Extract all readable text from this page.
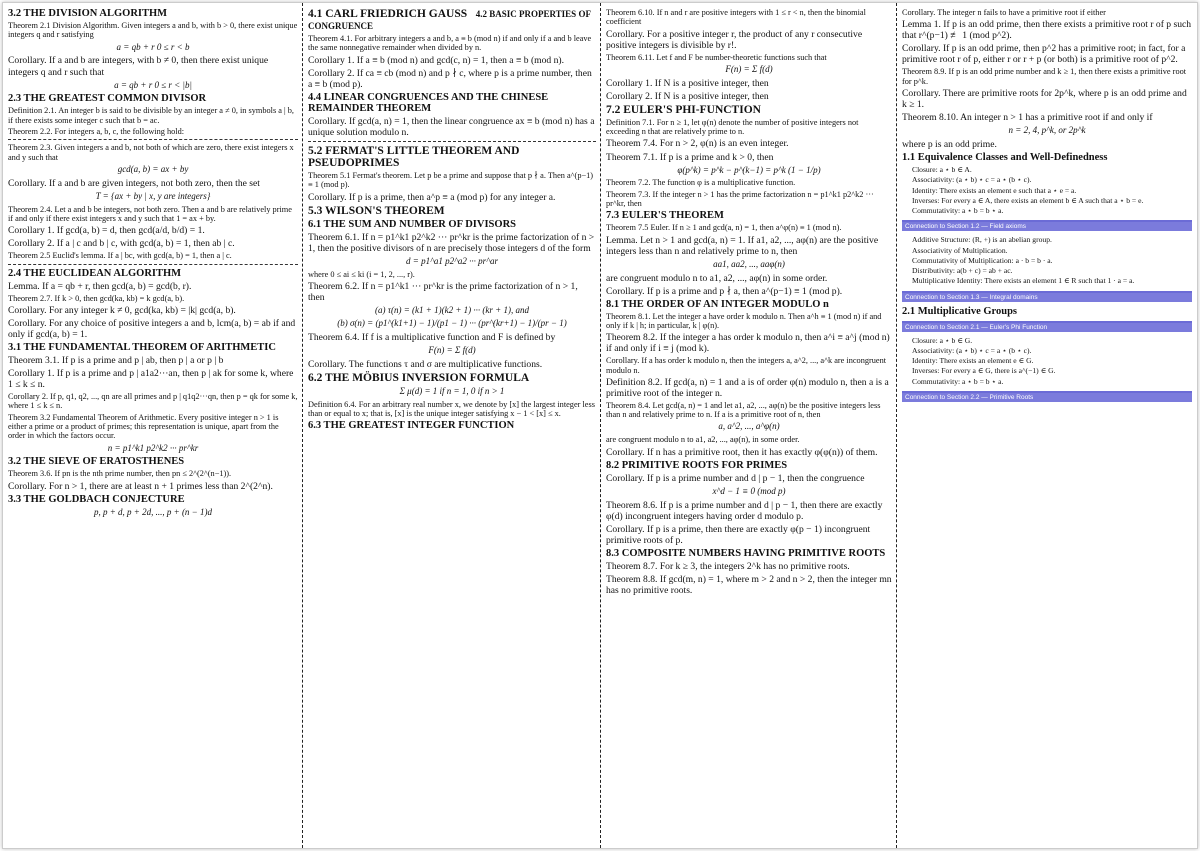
3.2 THE DIVISION ALGORITHM
Theorem 2.1 Division Algorithm. Given integers a and b, with b > 0, there exist unique integers q and r satisfying
a = qb + r 0 ≤ r < b
Corollary. If a and b are integers, with b ≠ 0, then there exist unique integers q and r such that
a = qb + r 0 ≤ r < |b|
2.3 THE GREATEST COMMON DIVISOR
Definition 2.1. An integer b is said to be divisible by an integer a ≠ 0, in symbols a | b, if there exists some integer c such that b = ac.
Theorem 2.2. For integers a, b, c, the following hold:
Theorem 2.3. Given integers a and b, not both of which are zero, there exist integers x and y such that
gcd(a, b) = ax + by
Corollary. If a and b are given integers, not both zero, then the set
T = {ax + by | x, y are integers}
Theorem 2.4. Let a and b be integers, not both zero. Then a and b are relatively prime if and only if there exist integers x and y such that 1 = ax + by.
Corollary 1. If gcd(a, b) = d, then gcd(a/d, b/d) = 1.
Corollary 2. If a | c and b | c, with gcd(a, b) = 1, then ab | c.
Theorem 2.5 Euclid's lemma. If a | bc, with gcd(a, b) = 1, then a | c.
2.4 THE EUCLIDEAN ALGORITHM
Lemma. If a = qb + r, then gcd(a, b) = gcd(b, r).
Theorem 2.7. If k > 0, then gcd(ka, kb) = k gcd(a, b).
Corollary. For any integer k ≠ 0, gcd(ka, kb) = |k| gcd(a, b).
Corollary. For any choice of positive integers a and b, lcm(a, b) = ab if and only if gcd(a, b) = 1.
3.1 THE FUNDAMENTAL THEOREM OF ARITHMETIC
Theorem 3.1. If p is a prime and p | ab, then p | a or p | b
Corollary 1. If p is a prime and p | a1a2···an, then p | ak for some k, where 1 ≤ k ≤ n.
Corollary 2. If p, q1, q2, ..., qn are all primes and p | q1q2···qn, then p = qk for some k, where 1 ≤ k ≤ n.
Theorem 3.2 Fundamental Theorem of Arithmetic. Every positive integer n > 1 is either a prime or a product of primes; this representation is unique, apart from the order in which the factors occur.
n = p1^k1 p2^k2 ··· pr^kr
3.2 THE SIEVE OF ERATOSTHENES
Theorem 3.6. If pn is the nth prime number, then pn ≤ 2^(2^(n−1)).
Corollary. For n > 1, there are at least n + 1 primes less than 2^(2^n).
3.3 THE GOLDBACH CONJECTURE
p, p + d, p + 2d, ..., p + (n − 1)d
4.1 CARL FRIEDRICH GAUSS 4.2 BASIC PROPERTIES OF CONGRUENCE
Theorem 4.1. For arbitrary integers a and b, a ≡ b (mod n) if and only if a and b leave the same nonnegative remainder when divided by n.
Corollary 1. If a ≡ b (mod n) and gcd(c, n) = 1, then a ≡ b (mod n).
Corollary 2. If ca ≡ cb (mod n) and p ∤ c, where p is a prime number, then a ≡ b (mod p).
4.4 LINEAR CONGRUENCES AND THE CHINESE REMAINDER THEOREM
Corollary. If gcd(a, n) = 1, then the linear congruence ax ≡ b (mod n) has a unique solution modulo n.
5.2 FERMAT'S LITTLE THEOREM AND PSEUDOPRIMES
Theorem 5.1 Fermat's theorem. Let p be a prime and suppose that p ∤ a. Then a^(p−1) ≡ 1 (mod p).
Corollary. If p is a prime, then a^p ≡ a (mod p) for any integer a.
5.3 WILSON'S THEOREM
6.1 THE SUM AND NUMBER OF DIVISORS
Theorem 6.1. If n = p1^k1 p2^k2 ··· pr^kr is the prime factorization of n > 1, then the positive divisors of n are precisely those integers d of the form
d = p1^a1 p2^a2 ··· pr^ar
where 0 ≤ ai ≤ ki (i = 1, 2, ..., r).
Theorem 6.2. If n = p1^k1 ··· pr^kr is the prime factorization of n > 1, then
(a) τ(n) = (k1 + 1)(k2 + 1) ··· (kr + 1), and
(b) σ(n) = (p1^(k1+1) − 1)/(p1 − 1) ··· (pr^(kr+1) − 1)/(pr − 1)
Theorem 6.4. If f is a multiplicative function and F is defined by
F(n) = Σ f(d)
Corollary. The functions τ and σ are multiplicative functions.
6.2 THE MÖBIUS INVERSION FORMULA
Σ μ(d) = 1 if n = 1, 0 if n > 1
Definition 6.4. For an arbitrary real number x, we denote by [x] the largest integer less than or equal to x; that is, [x] is the unique integer satisfying x − 1 < [x] ≤ x.
6.3 THE GREATEST INTEGER FUNCTION
Theorem 6.10. If n and r are positive integers with 1 ≤ r < n, then the binomial coefficient
Corollary. For a positive integer r, the product of any r consecutive positive integers is divisible by r!.
Theorem 6.11. Let f and F be number-theoretic functions such that
F(n) = Σ f(d)
Corollary 1. If N is a positive integer, then
Corollary 2. If N is a positive integer, then
7.2 EULER'S PHI-FUNCTION
Definition 7.1. For n ≥ 1, let φ(n) denote the number of positive integers not exceeding n that are relatively prime to n.
Theorem 7.4. For n > 2, φ(n) is an even integer.
Theorem 7.1. If p is a prime and k > 0, then
φ(p^k) = p^k − p^(k−1) = p^k (1 − 1/p)
Theorem 7.2. The function φ is a multiplicative function.
Theorem 7.3. If the integer n > 1 has the prime factorization n = p1^k1 p2^k2 ··· pr^kr, then
7.3 EULER'S THEOREM
Theorem 7.5 Euler. If n ≥ 1 and gcd(a, n) = 1, then a^φ(n) ≡ 1 (mod n).
Lemma. Let n > 1 and gcd(a, n) = 1. If a1, a2, ..., aφ(n) are the positive integers less than n and relatively prime to n, then
aa1, aa2, ..., aaφ(n)
are congruent modulo n to a1, a2, ..., aφ(n) in some order.
Corollary. If p is a prime and p ∤ a, then a^(p−1) ≡ 1 (mod p).
8.1 THE ORDER OF AN INTEGER MODULO n
Theorem 8.1. Let the integer a have order k modulo n. Then a^h ≡ 1 (mod n) if and only if k | h; in particular, k | φ(n).
Theorem 8.2. If the integer a has order k modulo n, then a^i ≡ a^j (mod n) if and only if i ≡ j (mod k).
Corollary. If a has order k modulo n, then the integers a, a^2, ..., a^k are incongruent modulo n.
Definition 8.2. If gcd(a, n) = 1 and a is of order φ(n) modulo n, then a is a primitive root of the integer n.
Theorem 8.4. Let gcd(a, n) = 1 and let a1, a2, ..., aφ(n) be the positive integers less than n and relatively prime to n. If a is a primitive root of n, then
a, a^2, ..., a^φ(n)
are congruent modulo n to a1, a2, ..., aφ(n), in some order.
Corollary. If n has a primitive root, then it has exactly φ(φ(n)) of them.
8.2 PRIMITIVE ROOTS FOR PRIMES
Corollary. If p is a prime number and d | p − 1, then the congruence
x^d − 1 ≡ 0 (mod p)
Theorem 8.6. If p is a prime number and d | p − 1, then there are exactly φ(d) incongruent integers having order d modulo p.
Corollary. If p is a prime, then there are exactly φ(p − 1) incongruent primitive roots of p.
8.3 COMPOSITE NUMBERS HAVING PRIMITIVE ROOTS
Theorem 8.7. For k ≥ 3, the integers 2^k has no primitive roots.
Theorem 8.8. If gcd(m, n) = 1, where m > 2 and n > 2, then the integer mn has no primitive roots.
Corollary. The integer n fails to have a primitive root if either
Lemma 1. If p is an odd prime, then there exists a primitive root r of p such that r^(p−1) ≢ 1 (mod p^2).
Corollary. If p is an odd prime, then p^2 has a primitive root; in fact, for a primitive root r of p, either r or r + p (or both) is a primitive root of p^2.
Theorem 8.9. If p is an odd prime number and k ≥ 1, then there exists a primitive root for p^k.
Corollary. There are primitive roots for 2p^k, where p is an odd prime and k ≥ 1.
Theorem 8.10. An integer n > 1 has a primitive root if and only if
n = 2, 4, p^k, or 2p^k
where p is an odd prime.
1.1 Equivalence Classes and Well-Definedness
Closure: a ⋆ b ∈ A.
Associativity: (a ⋆ b) ⋆ c = a ⋆ (b ⋆ c).
Identity: There exists an element e such that a ⋆ e = a.
Inverses: For every a ∈ A, there exists an element b ∈ A such that a ⋆ b = e.
Commutativity: a ⋆ b = b ⋆ a.
Connection to Section 1.2 — Field axioms
Additive Structure: (R, +) is an abelian group.
Associativity of Multiplication.
Commutativity of Multiplication: a · b = b · a.
Distributivity: a(b + c) = ab + ac.
Multiplicative Identity: There exists an element 1 ∈ R such that 1 · a = a.
Connection to Section 1.3 — Integral domains
2.1 Multiplicative Groups
Connection to Section 2.1 — Euler's Phi Function
Closure: a ⋆ b ∈ G.
Associativity: (a ⋆ b) ⋆ c = a ⋆ (b ⋆ c).
Identity: There exists an element e ∈ G.
Inverses: For every a ∈ G, there is a^(−1) ∈ G.
Commutativity: a ⋆ b = b ⋆ a.
Connection to Section 2.2 — Primitive Roots
